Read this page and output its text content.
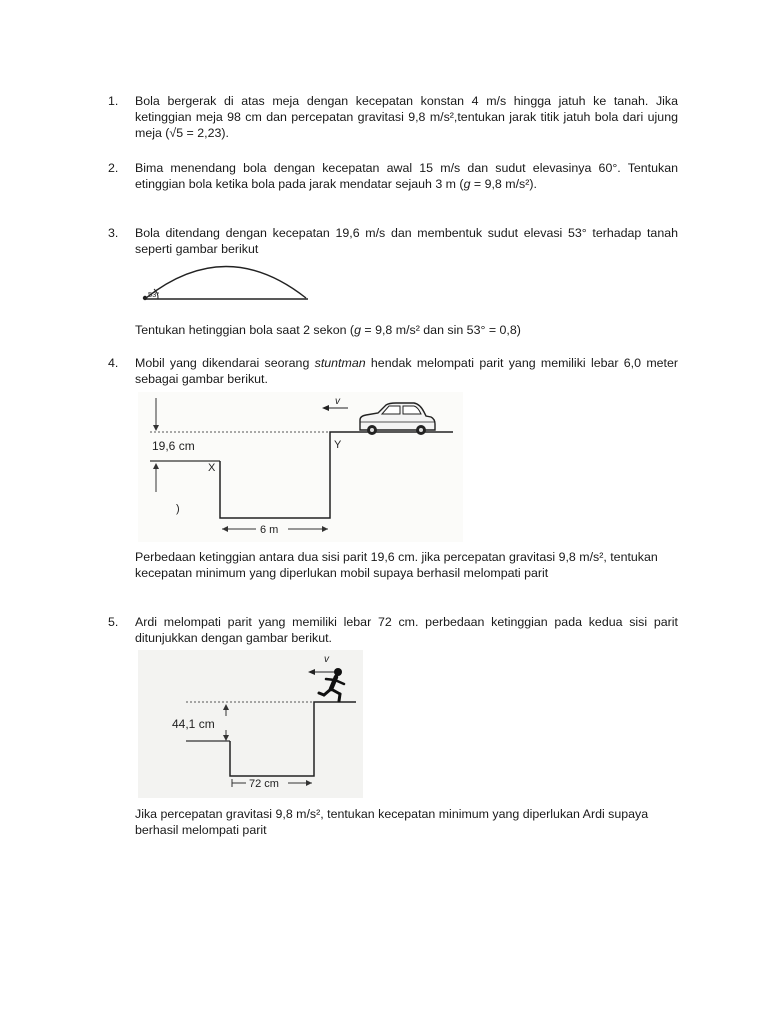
1. Bola bergerak di atas meja dengan kecepatan konstan 4 m/s hingga jatuh ke tanah. Jika ketinggian meja 98 cm dan percepatan gravitasi 9,8 m/s²,tentukan jarak titik jatuh bola dari ujung meja (√5 = 2,23).
2. Bima menendang bola dengan kecepatan awal 15 m/s dan sudut elevasinya 60°. Tentukan etinggian bola ketika bola pada jarak mendatar sejauh 3 m (g = 9,8 m/s²).
3. Bola ditendang dengan kecepatan 19,6 m/s dan membentuk sudut elevasi 53° terhadap tanah seperti gambar berikut
53°
Tentukan hetinggian bola saat 2 sekon (g = 9,8 m/s² dan sin 53° = 0,8)
4. Mobil yang dikendarai seorang stuntman hendak melompati parit yang memiliki lebar 6,0 meter sebagai gambar berikut.
19,6 cm
X
Y
)
6 m
v
Perbedaan ketinggian antara dua sisi parit 19,6 cm. jika percepatan gravitasi 9,8 m/s², tentukan kecepatan minimum yang diperlukan mobil supaya berhasil melompati parit
5. Ardi melompati parit yang memiliki lebar 72 cm. perbedaan ketinggian pada kedua sisi parit ditunjukkan dengan gambar berikut.
44,1 cm
72 cm
v
Jika percepatan gravitasi 9,8 m/s², tentukan kecepatan minimum yang diperlukan Ardi supaya berhasil melompati parit
